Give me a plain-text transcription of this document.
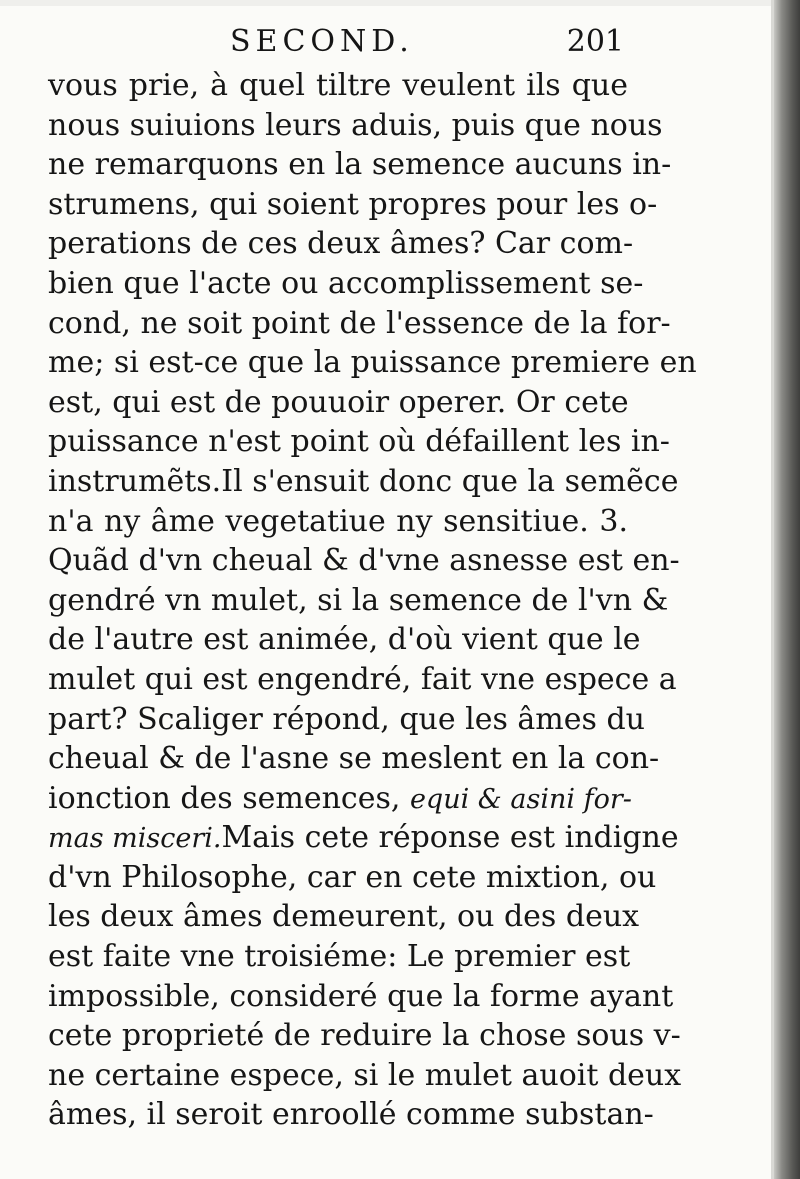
SECOND.	201
vous prie, à quel tiltre veulent ils que
nous suiuions leurs aduis, puis que nous
ne remarquons en la semence aucuns in-
strumens, qui soient propres pour les o-
perations de ces deux âmes? Car com-
bien que l'acte ou accomplissement se-
cond, ne soit point de l'essence de la for-
me; si est-ce que la puissance premiere en
est, qui est de pouuoir operer. Or cete
puissance n'est point où défaillent les in-
instrumẽts.Il s'ensuit donc que la semẽce
n'a ny âme vegetatiue ny sensitiue. 3.
Quãd d'vn cheual & d'vne asnesse est en-
gendré vn mulet, si la semence de l'vn &
de l'autre est animée, d'où vient que le
mulet qui est engendré, fait vne espece a
part? Scaliger répond, que les âmes du
cheual & de l'asne se meslent en la con-
ionction des semences, equi & asini for-
mas misceri.Mais cete réponse est indigne
d'vn Philosophe, car en cete mixtion, ou
les deux âmes demeurent, ou des deux
est faite vne troisiéme: Le premier est
impossible, consideré que la forme ayant
cete proprieté de reduire la chose sous v-
ne certaine espece, si le mulet auoit deux
âmes, il seroit enroollé comme substan-
